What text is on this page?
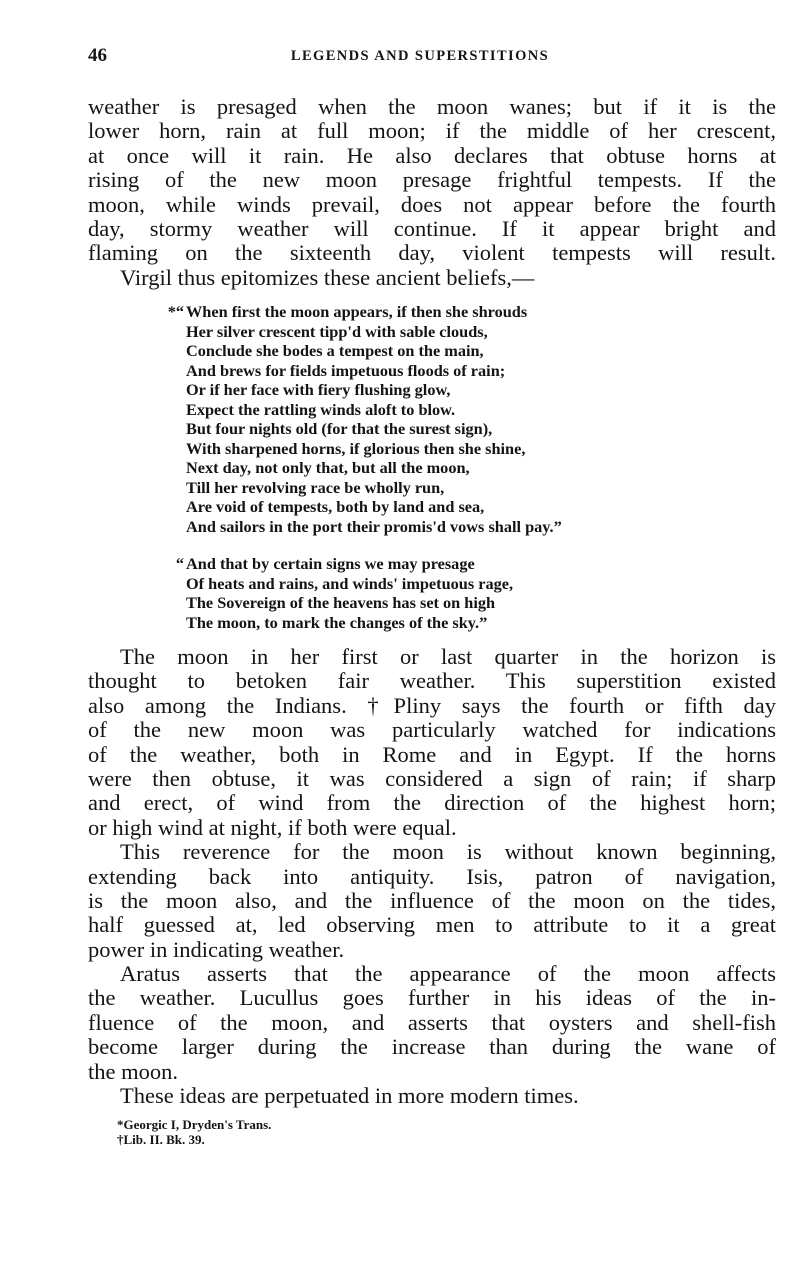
46	LEGENDS AND SUPERSTITIONS
weather is presaged when the moon wanes; but if it is the
lower horn, rain at full moon; if the middle of her crescent,
at once will it rain. He also declares that obtuse horns at
rising of the new moon presage frightful tempests. If the
moon, while winds prevail, does not appear before the fourth
day, stormy weather will continue. If it appear bright and
flaming on the sixteenth day, violent tempests will result.
Virgil thus epitomizes these ancient beliefs,—
*“ When first the moon appears, if then she shrouds
Her silver crescent tipp'd with sable clouds,
Conclude she bodes a tempest on the main,
And brews for fields impetuous floods of rain;
Or if her face with fiery flushing glow,
Expect the rattling winds aloft to blow.
But four nights old (for that the surest sign),
With sharpened horns, if glorious then she shine,
Next day, not only that, but all the moon,
Till her revolving race be wholly run,
Are void of tempests, both by land and sea,
And sailors in the port their promis'd vows shall pay.”
“ And that by certain signs we may presage
Of heats and rains, and winds' impetuous rage,
The Sovereign of the heavens has set on high
The moon, to mark the changes of the sky.”
The moon in her first or last quarter in the horizon is
thought to betoken fair weather. This superstition existed
also among the Indians. †Pliny says the fourth or fifth day
of the new moon was particularly watched for indications
of the weather, both in Rome and in Egypt. If the horns
were then obtuse, it was considered a sign of rain; if sharp
and erect, of wind from the direction of the highest horn;
or high wind at night, if both were equal.
This reverence for the moon is without known beginning,
extending back into antiquity. Isis, patron of navigation,
is the moon also, and the influence of the moon on the tides,
half guessed at, led observing men to attribute to it a great
power in indicating weather.
Aratus asserts that the appearance of the moon affects
the weather. Lucullus goes further in his ideas of the in-
fluence of the moon, and asserts that oysters and shell-fish
become larger during the increase than during the wane of
the moon.
These ideas are perpetuated in more modern times.
*Georgic I, Dryden's Trans.
†Lib. II. Bk. 39.
